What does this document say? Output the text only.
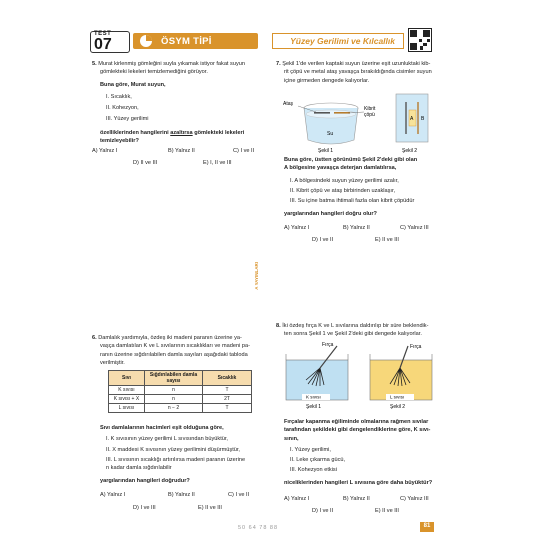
TEST
07	ÖSYM TİPİ	Yüzey Gerilimi ve Kılcallık
5. Murat kirlenmiş gömleğini suyla yıkamak istiyor fakat suyun
gömlekteki lekeleri temizlemediğini görüyor.
Buna göre, Murat suyun,
I. Sıcaklık,
II. Kohezyon,
III. Yüzey gerilimi
özelliklerinden hangilerini azaltırsa gömlekteki lekeleri
temizleyebilir?
A) Yalnız I	B) Yalnız II	C) I ve II
D) II ve III	E) I, II ve III
6. Damlalık yardımıyla, özdeş iki madeni paranın üzerine ya-
vaşça damlatılan K ve L sıvılarının sıcaklıkları ve madeni pa-
ranın üzerine sığdırılabilen damla sayıları aşağıdaki tabloda
verilmiştir.
Sıvı	Sığdırılabilen damla sayısı	Sıcaklık
K sıvısı	n	T
K sıvısı + X	n	2T
L sıvısı	n − 2	T
Sıvı damlalarının hacimleri eşit olduğuna göre,
I. K sıvısının yüzey gerilimi L sıvısından büyüktür,
II. X maddesi K sıvısının yüzey gerilimini düşürmüştür,
III. L sıvısının sıcaklığı artırılırsa madeni paranın üzerine
n kadar damla sığdırılabilir
yargılarından hangileri doğrudur?
A) Yalnız I	B) Yalnız II	C) I ve II
D) I ve III	E) II ve III
A YAYINLARI
7. Şekil 1'de verilen kaptaki suyun üzerine eşit uzunluktaki kib-
rit çöpü ve metal ataş yavaşça bırakıldığında cisimler suyun
içine girmeden dengede kalıyorlar.
Ataş
Kibrit
çöpü
Su
Şekil 1
A B
Şekil 2
Buna göre, üstten görünümü Şekil 2'deki gibi olan
A bölgesine yavaşça deterjan damlatılırsa,
I. A bölgesindeki suyun yüzey gerilimi azalır,
II. Kibrit çöpü ve ataş birbirinden uzaklaşır,
III. Su içine batma ihtimali fazla olan kibrit çöpüdür
yargılarından hangileri doğru olur?
A) Yalnız I	B) Yalnız II	C) Yalnız III
D) I ve II	E) II ve III
8. İki özdeş fırça K ve L sıvılarına daldırılıp bir süre beklendik-
ten sonra Şekil 1 ve Şekil 2'deki gibi dengede kalıyorlar.
Fırça
K sıvısı
Şekil 1
Fırça
L sıvısı
Şekil 2
Fırçalar kapanma eğiliminde olmalarına rağmen sıvılar
tarafından şekildeki gibi dengelendiklerine göre, K sıvı-
sının,
I. Yüzey gerilimi,
II. Leke çıkarma gücü,
III. Kohezyon etkisi
niceliklerinden hangileri L sıvısına göre daha büyüktür?
A) Yalnız I	B) Yalnız II	C) Yalnız III
D) I ve II	E) II ve III
50 64 78 88	81
